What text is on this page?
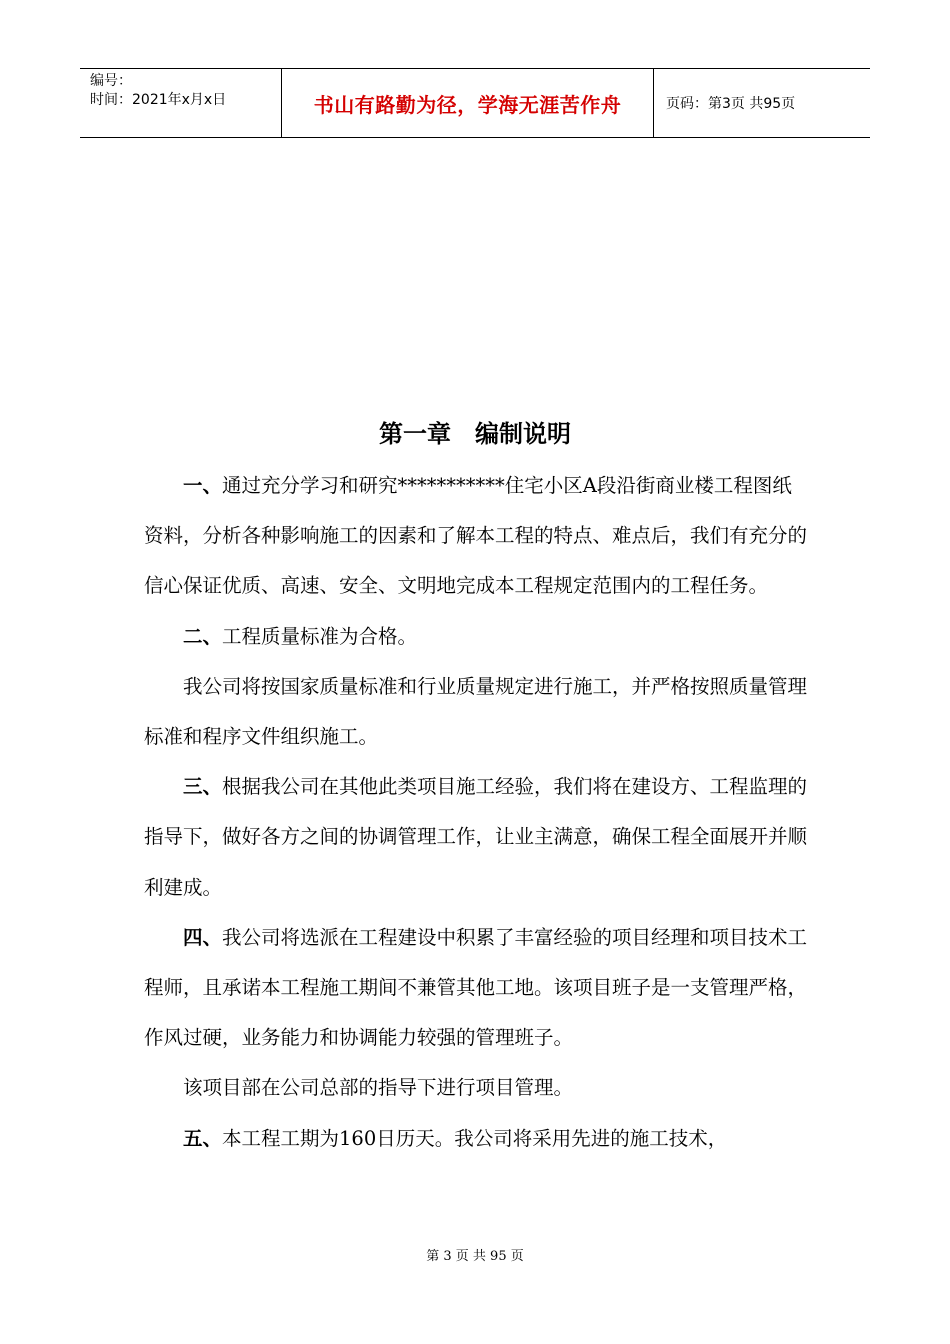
编号：
时间：2021年x月x日	书山有路勤为径，学海无涯苦作舟	页码：第3页 共95页
第一章　编制说明

一、通过充分学习和研究***********住宅小区A段沿街商业楼工程图纸资料，分析各种影响施工的因素和了解本工程的特点、难点后，我们有充分的信心保证优质、高速、安全、文明地完成本工程规定范围内的工程任务。

二、工程质量标准为合格。

我公司将按国家质量标准和行业质量规定进行施工，并严格按照质量管理标准和程序文件组织施工。

三、根据我公司在其他此类项目施工经验，我们将在建设方、工程监理的指导下，做好各方之间的协调管理工作，让业主满意，确保工程全面展开并顺利建成。

四、我公司将选派在工程建设中积累了丰富经验的项目经理和项目技术工程师，且承诺本工程施工期间不兼管其他工地。该项目班子是一支管理严格，作风过硬，业务能力和协调能力较强的管理班子。

该项目部在公司总部的指导下进行项目管理。

五、本工程工期为160日历天。我公司将采用先进的施工技术，

第 3 页 共 95 页
